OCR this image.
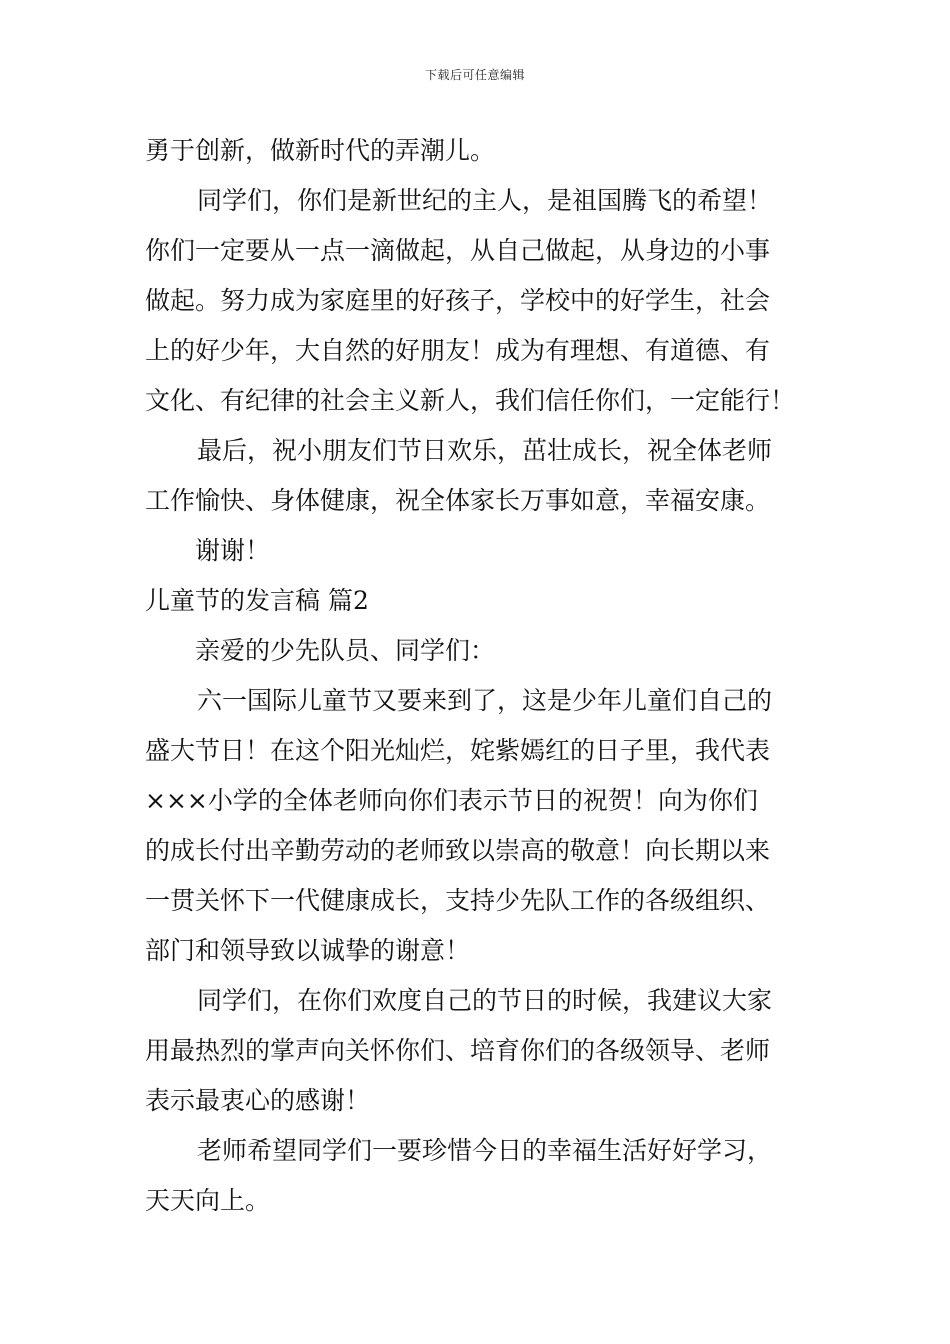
下载后可任意编辑
勇于创新，做新时代的弄潮儿。
同学们，你们是新世纪的主人，是祖国腾飞的希望！
你们一定要从一点一滴做起，从自己做起，从身边的小事
做起。努力成为家庭里的好孩子，学校中的好学生，社会
上的好少年，大自然的好朋友！成为有理想、有道德、有
文化、有纪律的社会主义新人，我们信任你们，一定能行！
最后，祝小朋友们节日欢乐，茁壮成长，祝全体老师
工作愉快、身体健康，祝全体家长万事如意，幸福安康。
谢谢！
儿童节的发言稿 篇2
亲爱的少先队员、同学们：
六一国际儿童节又要来到了，这是少年儿童们自己的
盛大节日！在这个阳光灿烂，姹紫嫣红的日子里，我代表
×××小学的全体老师向你们表示节日的祝贺！向为你们
的成长付出辛勤劳动的老师致以崇高的敬意！向长期以来
一贯关怀下一代健康成长，支持少先队工作的各级组织、
部门和领导致以诚挚的谢意！
同学们，在你们欢度自己的节日的时候，我建议大家
用最热烈的掌声向关怀你们、培育你们的各级领导、老师
表示最衷心的感谢！
老师希望同学们一要珍惜今日的幸福生活好好学习，
天天向上。
